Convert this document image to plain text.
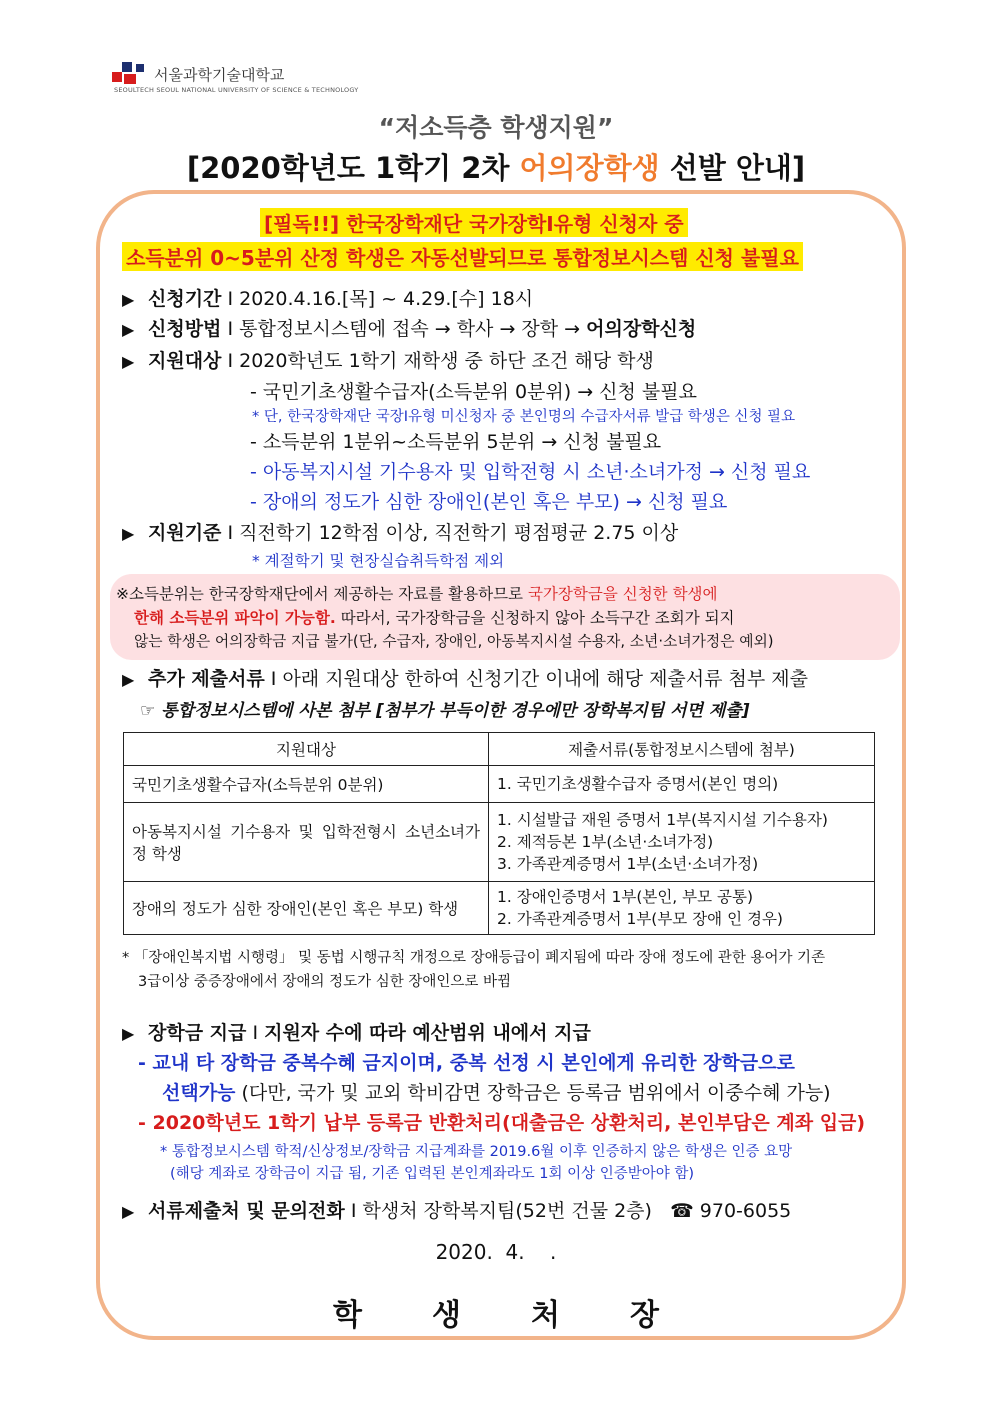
서울과학기술대학교
SEOULTECH SEOUL NATIONAL UNIVERSITY OF SCIENCE & TECHNOLOGY
“저소득층 학생지원”
[2020학년도 1학기 2차 어의장학생 선발 안내]
[필독!!] 한국장학재단 국가장학Ⅰ유형 신청자 중
소득분위 0~5분위 산정 학생은 자동선발되므로 통합정보시스템 신청 불필요
▶ 신청기간 Ⅰ 2020.4.16.[목] ~ 4.29.[수] 18시
▶ 신청방법 Ⅰ 통합정보시스템에 접속 → 학사 → 장학 → 어의장학신청
▶ 지원대상 Ⅰ 2020학년도 1학기 재학생 중 하단 조건 해당 학생
- 국민기초생활수급자(소득분위 0분위) → 신청 불필요
* 단, 한국장학재단 국장Ⅰ유형 미신청자 중 본인명의 수급자서류 발급 학생은 신청 필요
- 소득분위 1분위~소득분위 5분위 → 신청 불필요
- 아동복지시설 기수용자 및 입학전형 시 소년·소녀가정 → 신청 필요
- 장애의 정도가 심한 장애인(본인 혹은 부모) → 신청 필요
▶ 지원기준 Ⅰ 직전학기 12학점 이상, 직전학기 평점평균 2.75 이상
* 계절학기 및 현장실습취득학점 제외
※소득분위는 한국장학재단에서 제공하는 자료를 활용하므로 국가장학금을 신청한 학생에
한해 소득분위 파악이 가능함. 따라서, 국가장학금을 신청하지 않아 소득구간 조회가 되지
않는 학생은 어의장학금 지급 불가(단, 수급자, 장애인, 아동복지시설 수용자, 소년·소녀가정은 예외)
▶ 추가 제출서류 Ⅰ 아래 지원대상 한하여 신청기간 이내에 해당 제출서류 첨부 제출
☞ 통합정보시스템에 사본 첨부 [첨부가 부득이한 경우에만 장학복지팀 서면 제출]
지원대상	제출서류(통합정보시스템에 첨부)
국민기초생활수급자(소득분위 0분위)	1. 국민기초생활수급자 증명서(본인 명의)

아동복지시설 기수용자 및 입학전형시 소년소녀가정 학생	1. 시설발급 재원 증명서 1부(복지시설 기수용자)
2. 제적등본 1부(소년·소녀가정)
3. 가족관계증명서 1부(소년·소녀가정)

장애의 정도가 심한 장애인(본인 혹은 부모) 학생	1. 장애인증명서 1부(본인, 부모 공통)
2. 가족관계증명서 1부(부모 장애 인 경우)
* 「장애인복지법 시행령」 및 동법 시행규칙 개정으로 장애등급이 폐지됨에 따라 장애 정도에 관한 용어가 기존
3급이상 중증장애에서 장애의 정도가 심한 장애인으로 바뀜
▶ 장학금 지급 Ⅰ 지원자 수에 따라 예산범위 내에서 지급
- 교내 타 장학금 중복수혜 금지이며, 중복 선정 시 본인에게 유리한 장학금으로
선택가능 (다만, 국가 및 교외 학비감면 장학금은 등록금 범위에서 이중수혜 가능)
- 2020학년도 1학기 납부 등록금 반환처리(대출금은 상환처리, 본인부담은 계좌 입금)
* 통합정보시스템 학적/신상정보/장학금 지급계좌를 2019.6월 이후 인증하지 않은 학생은 인증 요망
(해당 계좌로 장학금이 지급 됨, 기존 입력된 본인계좌라도 1회 이상 인증받아야 함)
▶ 서류제출처 및 문의전화 Ⅰ 학생처 장학복지팀(52번 건물 2층) ☎ 970-6055
2020.  4.    .
학생처장
